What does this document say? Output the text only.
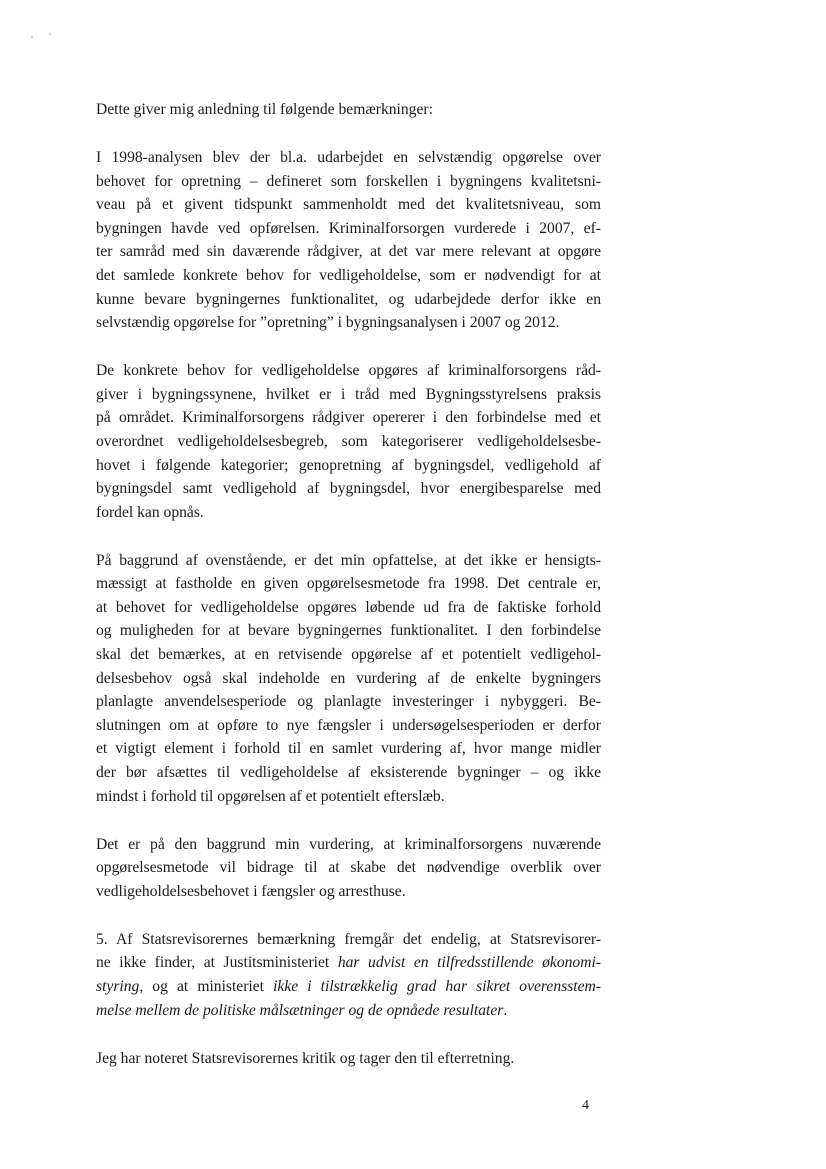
Dette giver mig anledning til følgende bemærkninger:

I 1998-analysen blev der bl.a. udarbejdet en selvstændig opgørelse over
behovet for opretning – defineret som forskellen i bygningens kvalitetsni-
veau på et givent tidspunkt sammenholdt med det kvalitetsniveau, som
bygningen havde ved opførelsen. Kriminalforsorgen vurderede i 2007, ef-
ter samråd med sin daværende rådgiver, at det var mere relevant at opgøre
det samlede konkrete behov for vedligeholdelse, som er nødvendigt for at
kunne bevare bygningernes funktionalitet, og udarbejdede derfor ikke en
selvstændig opgørelse for ”opretning” i bygningsanalysen i 2007 og 2012.

De konkrete behov for vedligeholdelse opgøres af kriminalforsorgens råd-
giver i bygningssynene, hvilket er i tråd med Bygningsstyrelsens praksis
på området. Kriminalforsorgens rådgiver opererer i den forbindelse med et
overordnet vedligeholdelsesbegreb, som kategoriserer vedligeholdelsesbe-
hovet i følgende kategorier; genopretning af bygningsdel, vedligehold af
bygningsdel samt vedligehold af bygningsdel, hvor energibesparelse med
fordel kan opnås.

På baggrund af ovenstående, er det min opfattelse, at det ikke er hensigts-
mæssigt at fastholde en given opgørelsesmetode fra 1998. Det centrale er,
at behovet for vedligeholdelse opgøres løbende ud fra de faktiske forhold
og muligheden for at bevare bygningernes funktionalitet. I den forbindelse
skal det bemærkes, at en retvisende opgørelse af et potentielt vedligehol-
delsesbehov også skal indeholde en vurdering af de enkelte bygningers
planlagte anvendelsesperiode og planlagte investeringer i nybyggeri. Be-
slutningen om at opføre to nye fængsler i undersøgelsesperioden er derfor
et vigtigt element i forhold til en samlet vurdering af, hvor mange midler
der bør afsættes til vedligeholdelse af eksisterende bygninger – og ikke
mindst i forhold til opgørelsen af et potentielt efterslæb.

Det er på den baggrund min vurdering, at kriminalforsorgens nuværende
opgørelsesmetode vil bidrage til at skabe det nødvendige overblik over
vedligeholdelsesbehovet i fængsler og arresthuse.

5. Af Statsrevisorernes bemærkning fremgår det endelig, at Statsrevisorer-
ne ikke finder, at Justitsministeriet har udvist en tilfredsstillende økonomi-
styring, og at ministeriet ikke i tilstrækkelig grad har sikret overensstem-
melse mellem de politiske målsætninger og de opnåede resultater.

Jeg har noteret Statsrevisorernes kritik og tager den til efterretning.

4
